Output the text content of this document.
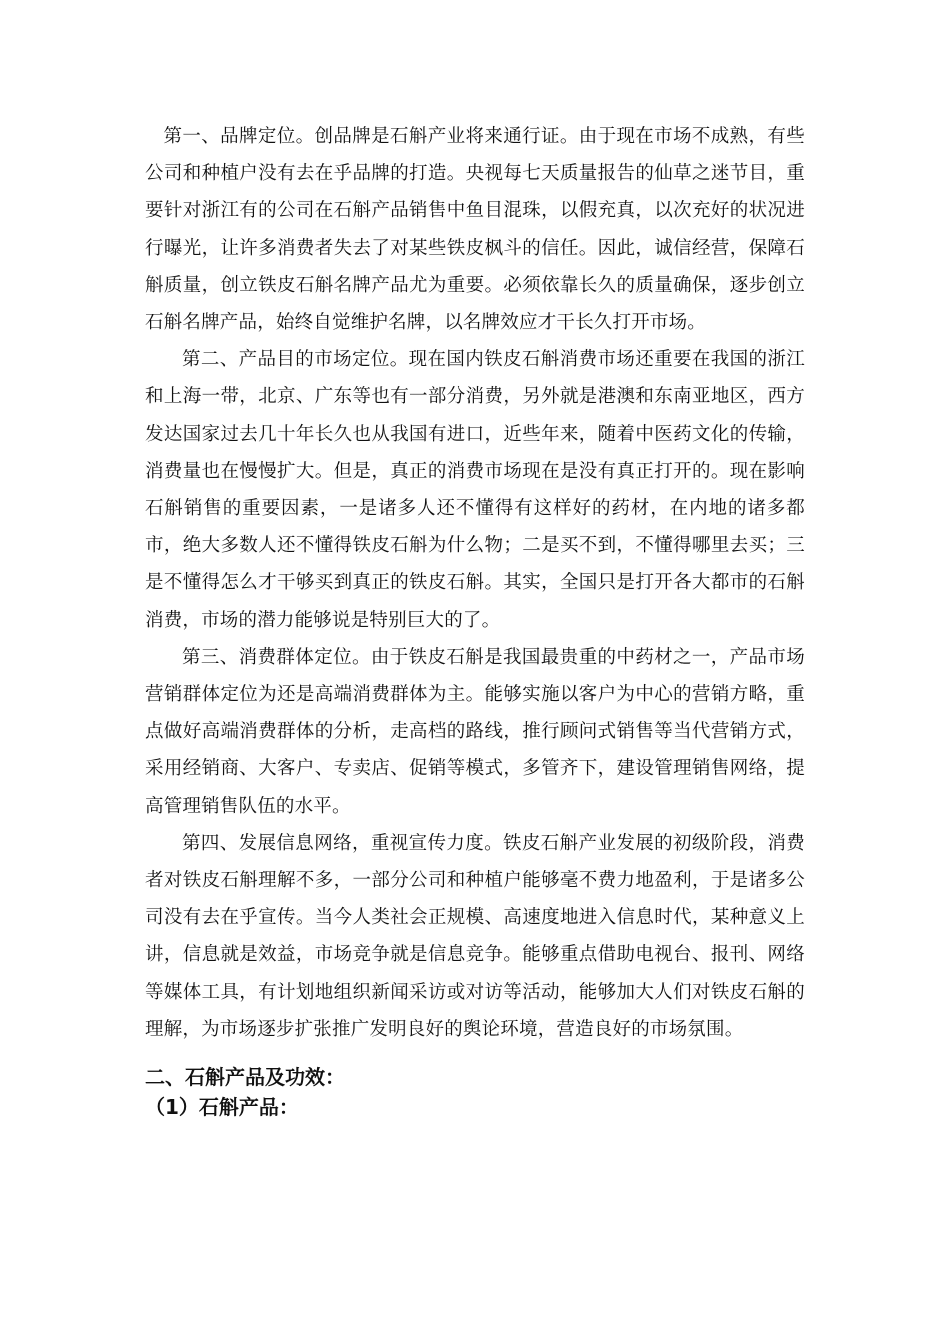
第一、品牌定位。创品牌是石斛产业将来通行证。由于现在市场不成熟，有些公司和种植户没有去在乎品牌的打造。央视每七天质量报告的仙草之迷节目，重要针对浙江有的公司在石斛产品销售中鱼目混珠，以假充真，以次充好的状况进行曝光，让许多消费者失去了对某些铁皮枫斗的信任。因此，诚信经营，保障石斛质量，创立铁皮石斛名牌产品尤为重要。必须依靠长久的质量确保，逐步创立石斛名牌产品，始终自觉维护名牌，以名牌效应才干长久打开市场。

第二、产品目的市场定位。现在国内铁皮石斛消费市场还重要在我国的浙江和上海一带，北京、广东等也有一部分消费，另外就是港澳和东南亚地区，西方发达国家过去几十年长久也从我国有进口，近些年来，随着中医药文化的传输，消费量也在慢慢扩大。但是，真正的消费市场现在是没有真正打开的。现在影响石斛销售的重要因素，一是诸多人还不懂得有这样好的药材，在内地的诸多都市，绝大多数人还不懂得铁皮石斛为什么物；二是买不到，不懂得哪里去买；三是不懂得怎么才干够买到真正的铁皮石斛。其实，全国只是打开各大都市的石斛消费，市场的潜力能够说是特别巨大的了。

第三、消费群体定位。由于铁皮石斛是我国最贵重的中药材之一，产品市场营销群体定位为还是高端消费群体为主。能够实施以客户为中心的营销方略，重点做好高端消费群体的分析，走高档的路线，推行顾问式销售等当代营销方式，采用经销商、大客户、专卖店、促销等模式，多管齐下，建设管理销售网络，提高管理销售队伍的水平。

第四、发展信息网络，重视宣传力度。铁皮石斛产业发展的初级阶段，消费者对铁皮石斛理解不多，一部分公司和种植户能够毫不费力地盈利，于是诸多公司没有去在乎宣传。当今人类社会正规模、高速度地进入信息时代，某种意义上讲，信息就是效益，市场竞争就是信息竞争。能够重点借助电视台、报刊、网络等媒体工具，有计划地组织新闻采访或对访等活动，能够加大人们对铁皮石斛的理解，为市场逐步扩张推广发明良好的舆论环境，营造良好的市场氛围。

二、石斛产品及功效：
（1）石斛产品：
